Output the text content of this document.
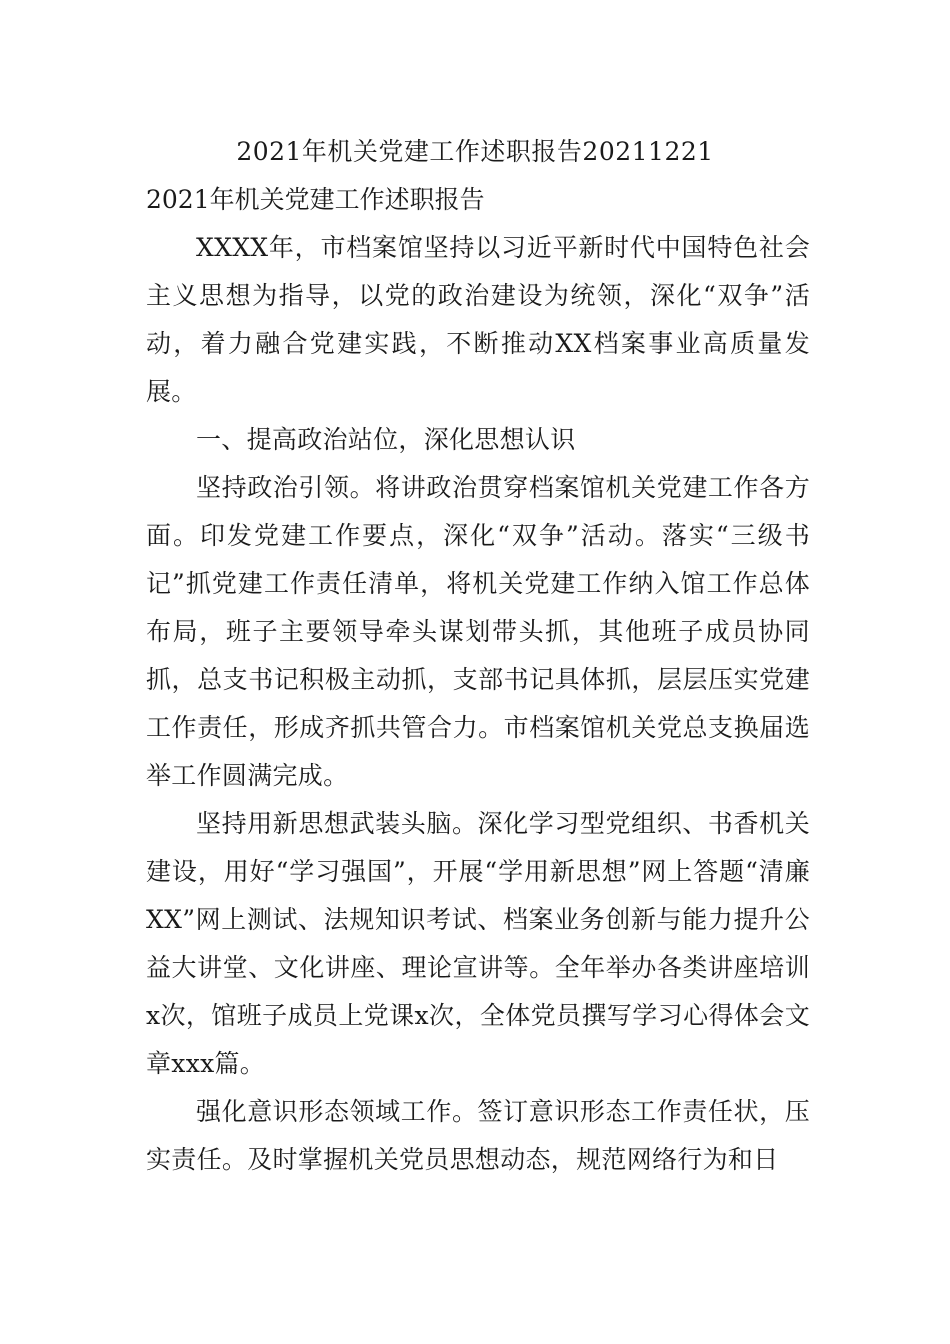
2021年机关党建工作述职报告20211221

2021年机关党建工作述职报告

XXXX年，市档案馆坚持以习近平新时代中国特色社会主义思想为指导，以党的政治建设为统领，深化“双争”活动，着力融合党建实践，不断推动XX档案事业高质量发展。

一、提高政治站位，深化思想认识

坚持政治引领。将讲政治贯穿档案馆机关党建工作各方面。印发党建工作要点，深化“双争”活动。落实“三级书记”抓党建工作责任清单，将机关党建工作纳入馆工作总体布局，班子主要领导牵头谋划带头抓，其他班子成员协同抓，总支书记积极主动抓，支部书记具体抓，层层压实党建工作责任，形成齐抓共管合力。市档案馆机关党总支换届选举工作圆满完成。

坚持用新思想武装头脑。深化学习型党组织、书香机关建设，用好“学习强国”，开展“学用新思想”网上答题“清廉XX”网上测试、法规知识考试、档案业务创新与能力提升公益大讲堂、文化讲座、理论宣讲等。全年举办各类讲座培训x次，馆班子成员上党课x次，全体党员撰写学习心得体会文章xxx篇。

强化意识形态领域工作。签订意识形态工作责任状，压实责任。及时掌握机关党员思想动态，规范网络行为和日
